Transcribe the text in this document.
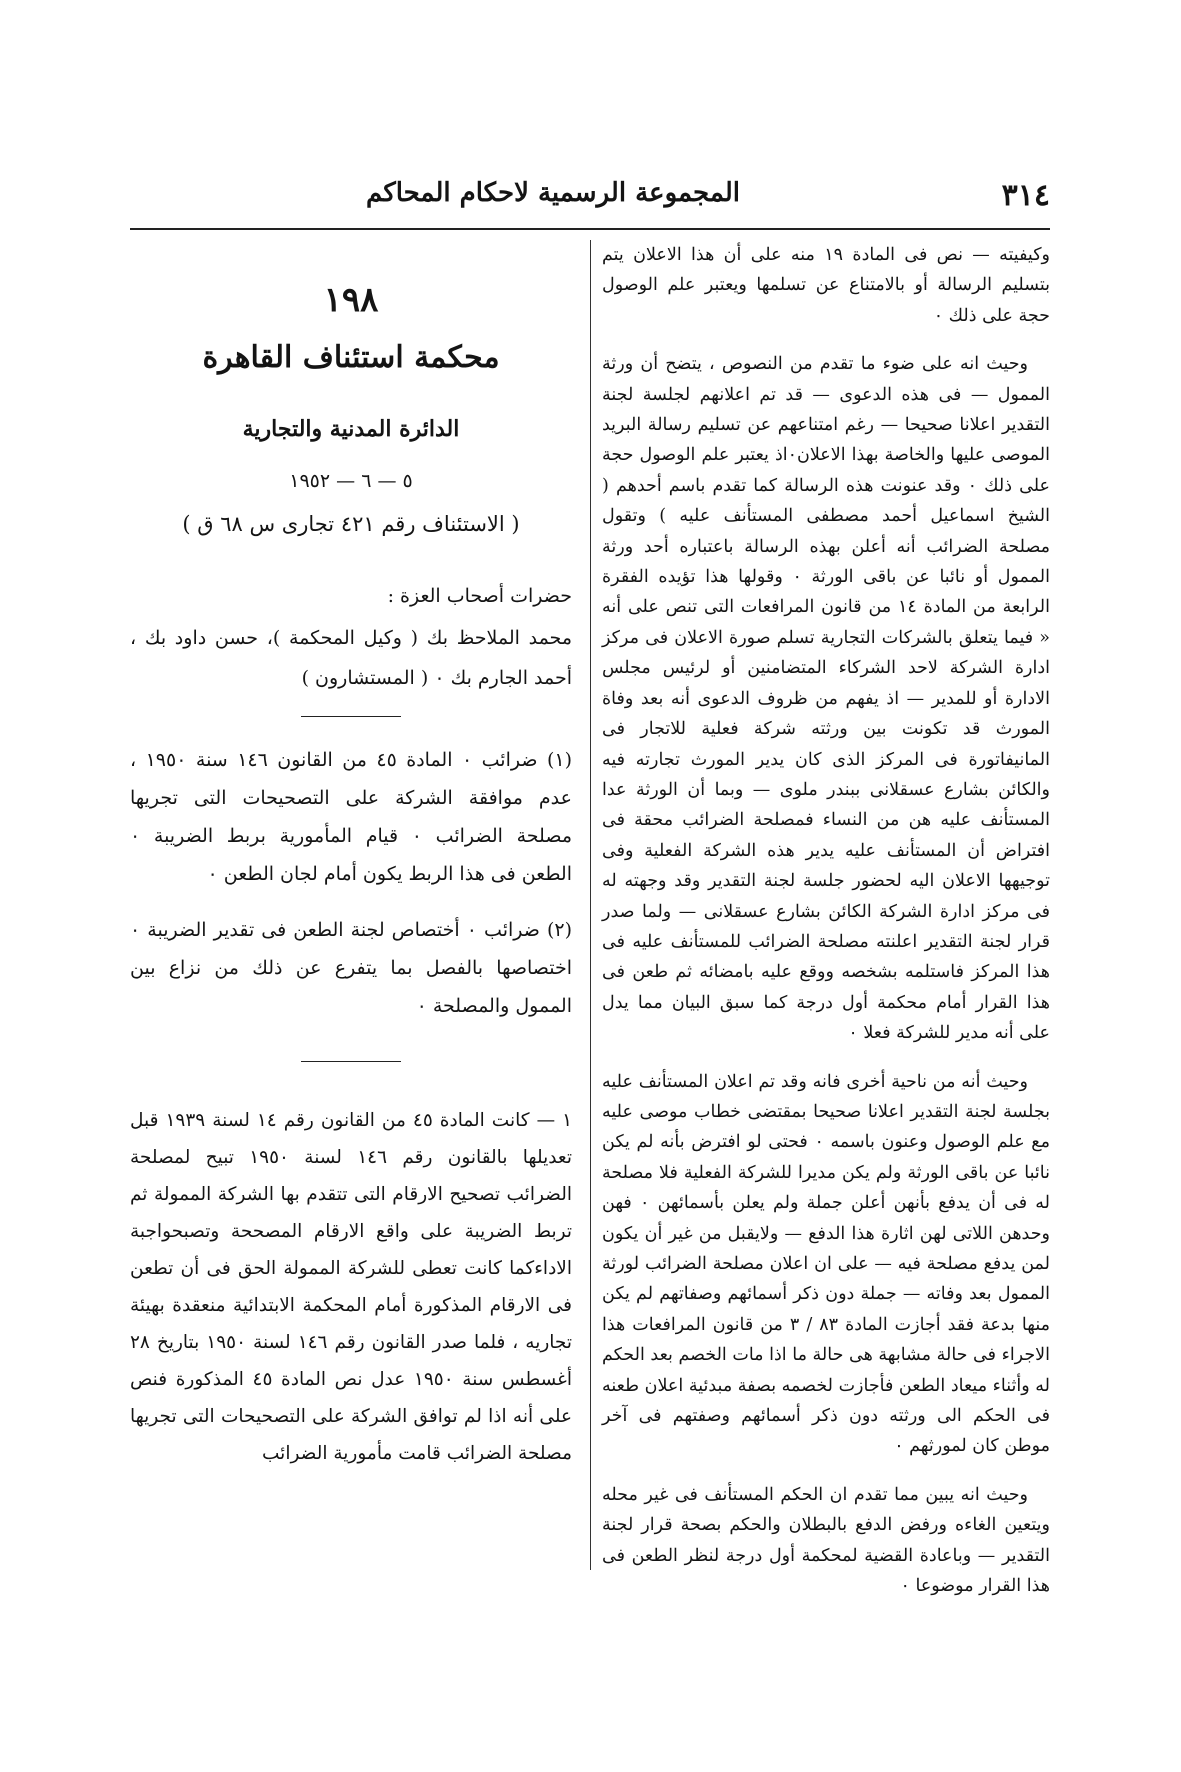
٣١٤
المجموعة الرسمية لاحكام المحاكم

وكيفيته — نص فى المادة ١٩ منه على أن هذا الاعلان يتم بتسليم الرسالة أو بالامتناع عن تسلمها ويعتبر علم الوصول حجة على ذلك ٠

وحيث انه على ضوء ما تقدم من النصوص ، يتضح أن ورثة الممول — فى هذه الدعوى — قد تم اعلانهم لجلسة لجنة التقدير اعلانا صحيحا — رغم امتناعهم عن تسليم رسالة البريد الموصى عليها والخاصة بهذا الاعلان٠اذ يعتبر علم الوصول حجة على ذلك ٠ وقد عنونت هذه الرسالة كما تقدم باسم أحدهم ( الشيخ اسماعيل أحمد مصطفى المستأنف عليه ) وتقول مصلحة الضرائب أنه أعلن بهذه الرسالة باعتباره أحد ورثة الممول أو نائبا عن باقى الورثة ٠ وقولها هذا تؤيده الفقرة الرابعة من المادة ١٤ من قانون المرافعات التى تنص على أنه « فيما يتعلق بالشركات التجارية تسلم صورة الاعلان فى مركز ادارة الشركة لاحد الشركاء المتضامنين أو لرئيس مجلس الادارة أو للمدير — اذ يفهم من ظروف الدعوى أنه بعد وفاة المورث قد تكونت بين ورثته شركة فعلية للاتجار فى المانيفاتورة فى المركز الذى كان يدير المورث تجارته فيه والكائن بشارع عسقلانى ببندر ملوى — وبما أن الورثة عدا المستأنف عليه هن من النساء فمصلحة الضرائب محقة فى افتراض أن المستأنف عليه يدير هذه الشركة الفعلية وفى توجيهها الاعلان اليه لحضور جلسة لجنة التقدير وقد وجهته له فى مركز ادارة الشركة الكائن بشارع عسقلانى — ولما صدر قرار لجنة التقدير اعلنته مصلحة الضرائب للمستأنف عليه فى هذا المركز فاستلمه بشخصه ووقع عليه بامضائه ثم طعن فى هذا القرار أمام محكمة أول درجة كما سبق البيان مما يدل على أنه مدير للشركة فعلا ٠

وحيث أنه من ناحية أخرى فانه وقد تم اعلان المستأنف عليه بجلسة لجنة التقدير اعلانا صحيحا بمقتضى خطاب موصى عليه مع علم الوصول وعنون باسمه ٠ فحتى لو افترض بأنه لم يكن نائبا عن باقى الورثة ولم يكن مديرا للشركة الفعلية فلا مصلحة له فى أن يدفع بأنهن أعلن جملة ولم يعلن بأسمائهن ٠ فهن وحدهن اللاتى لهن اثارة هذا الدفع — ولايقبل من غير أن يكون لمن يدفع مصلحة فيه — على ان اعلان مصلحة الضرائب لورثة الممول بعد وفاته — جملة دون ذكر أسمائهم وصفاتهم لم يكن منها بدعة فقد أجازت المادة ٨٣ / ٣ من قانون المرافعات هذا الاجراء فى حالة مشابهة هى حالة ما اذا مات الخصم بعد الحكم له وأثناء ميعاد الطعن فأجازت لخصمه بصفة مبدئية اعلان طعنه فى الحكم الى ورثته دون ذكر أسمائهم وصفتهم فى آخر موطن كان لمورثهم ٠

وحيث انه يبين مما تقدم ان الحكم المستأنف فى غير محله ويتعين الغاءه ورفض الدفع بالبطلان والحكم بصحة قرار لجنة التقدير — وباعادة القضية لمحكمة أول درجة لنظر الطعن فى هذا القرار موضوعا ٠

١٩٨

محكمة استئناف القاهرة

الدائرة المدنية والتجارية

٥ — ٦ — ١٩٥٢

( الاستئناف رقم ٤٢١ تجارى س ٦٨ ق )

حضرات أصحاب العزة :

محمد الملاحظ بك ( وكيل المحكمة )، حسن داود بك ، أحمد الجارم بك ٠ ( المستشارون )

(١) ضرائب ٠ المادة ٤٥ من القانون ١٤٦ سنة ١٩٥٠ ، عدم موافقة الشركة على التصحيحات التى تجريها مصلحة الضرائب ٠ قيام المأمورية بربط الضريبة ٠ الطعن فى هذا الربط يكون أمام لجان الطعن ٠

(٢) ضرائب ٠ أختصاص لجنة الطعن فى تقدير الضريبة ٠ اختصاصها بالفصل بما يتفرع عن ذلك من نزاع بين الممول والمصلحة ٠

١ — كانت المادة ٤٥ من القانون رقم ١٤ لسنة ١٩٣٩ قبل تعديلها بالقانون رقم ١٤٦ لسنة ١٩٥٠ تبيح لمصلحة الضرائب تصحيح الارقام التى تتقدم بها الشركة الممولة ثم تربط الضريبة على واقع الارقام المصححة وتصبحواجبة الاداءكما كانت تعطى للشركة الممولة الحق فى أن تطعن فى الارقام المذكورة أمام المحكمة الابتدائية منعقدة بهيئة تجاريه ، فلما صدر القانون رقم ١٤٦ لسنة ١٩٥٠ بتاريخ ٢٨ أغسطس سنة ١٩٥٠ عدل نص المادة ٤٥ المذكورة فنص على أنه اذا لم توافق الشركة على التصحيحات التى تجريها مصلحة الضرائب قامت مأمورية الضرائب
